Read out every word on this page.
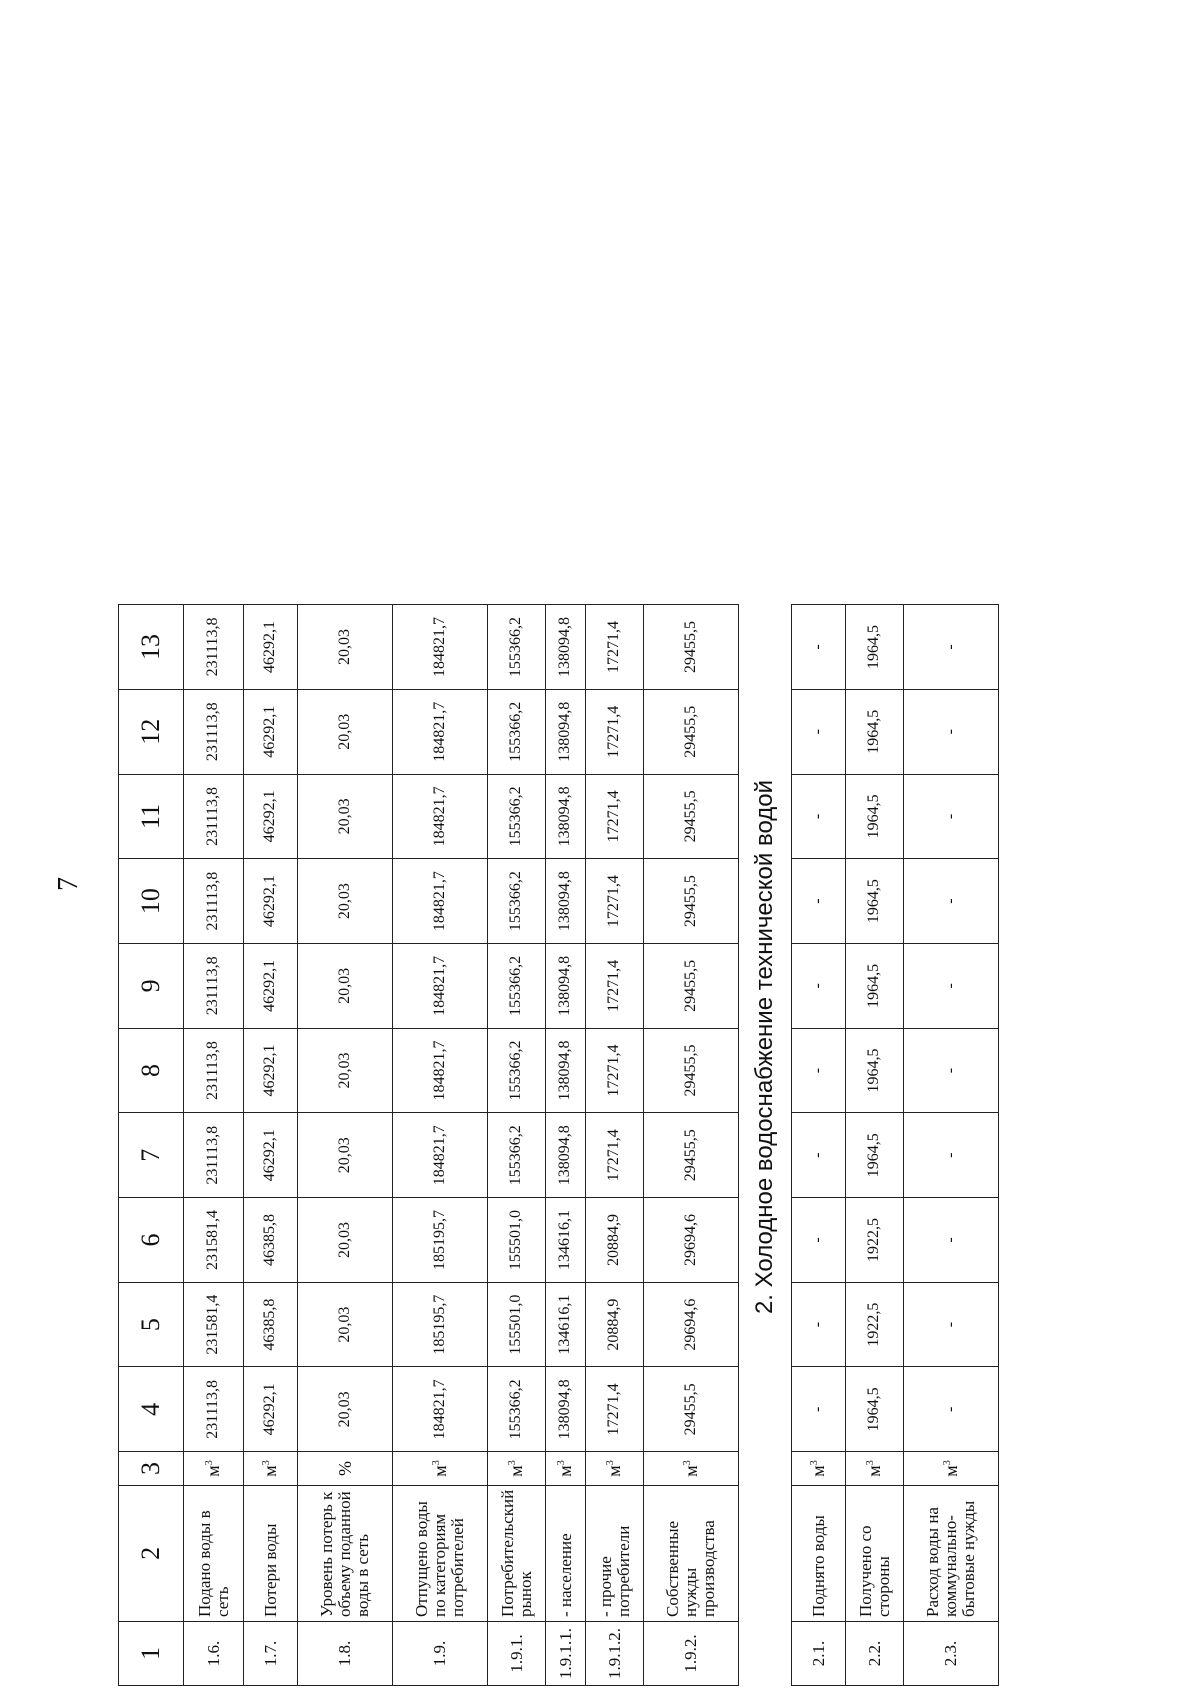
7
1	2	3	4	5	6	7	8	9	10	11	12	13
1.6.	Подано воды в сеть	$м^3$	231113,8	231581,4	231581,4	231113,8	231113,8	231113,8	231113,8	231113,8	231113,8	231113,8
1.7.	Потери воды	$м^3$	46292,1	46385,8	46385,8	46292,1	46292,1	46292,1	46292,1	46292,1	46292,1	46292,1
1.8.	Уровень потерь к объему поданной воды в сеть	%	20,03	20,03	20,03	20,03	20,03	20,03	20,03	20,03	20,03	20,03
1.9.	Отпущено воды по категориям потребителей	$м^3$	184821,7	185195,7	185195,7	184821,7	184821,7	184821,7	184821,7	184821,7	184821,7	184821,7
1.9.1.	Потребительский рынок	$м^3$	155366,2	155501,0	155501,0	155366,2	155366,2	155366,2	155366,2	155366,2	155366,2	155366,2
1.9.1.1.	- население	$м^3$	138094,8	134616,1	134616,1	138094,8	138094,8	138094,8	138094,8	138094,8	138094,8	138094,8
1.9.1.2.	- прочие потребители	$м^3$	17271,4	20884,9	20884,9	17271,4	17271,4	17271,4	17271,4	17271,4	17271,4	17271,4
1.9.2.	Собственные нужды производства	$м^3$	29455,5	29694,6	29694,6	29455,5	29455,5	29455,5	29455,5	29455,5	29455,5	29455,5
2. Холодное водоснабжение технической водой												
2.1.	Поднято воды	$м^3$	-	-	-	-	-	-	-	-	-	-
2.2.	Получено со стороны	$м^3$	1964,5	1922,5	1922,5	1964,5	1964,5	1964,5	1964,5	1964,5	1964,5	1964,5
2.3.	Расход воды на коммунально-бытовые нужды	$м^3$	-	-	-	-	-	-	-	-	-	-
